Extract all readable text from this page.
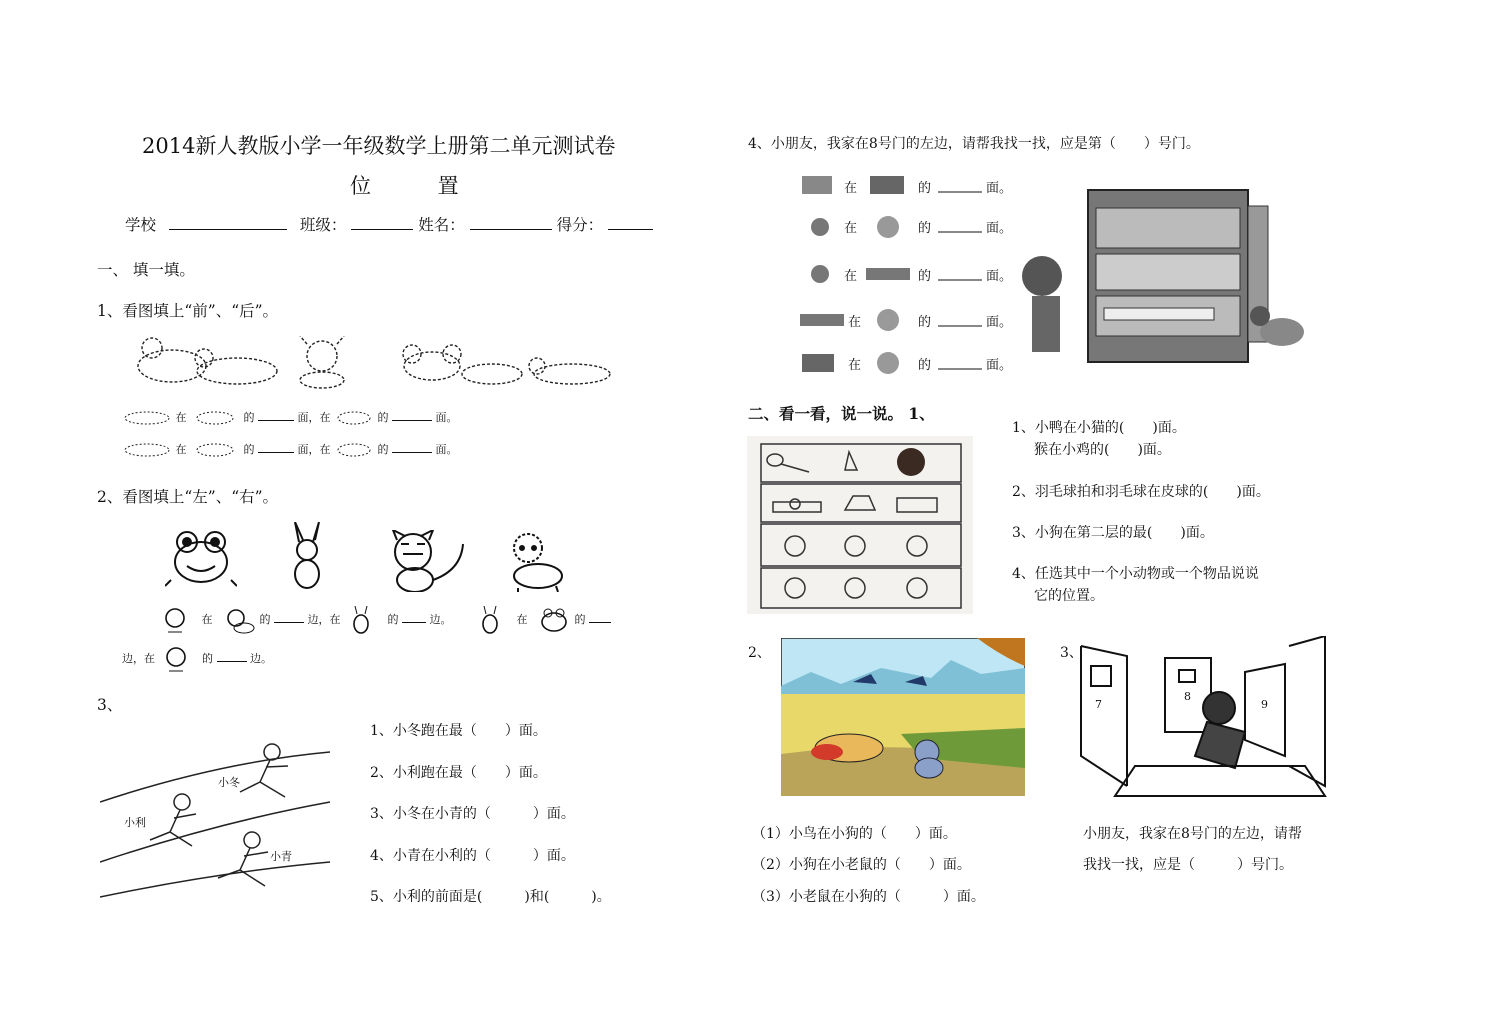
2014新人教版小学一年级数学上册第二单元测试卷
位 置
学校	班级：	姓名：	得分：
一、 填一填。
1、看图填上“前”、“后”。
在	的	面，在	的	面。
在	的	面，在	的	面。
2、看图填上“左”、“右”。
在	的	边，在	的	边。	在	的
边，在	的	边。
3、
小冬
小利
小青
1、小冬跑在最（　　）面。
2、小利跑在最（　　）面。
3、小冬在小青的（　　　）面。
4、小青在小利的（　　　）面。
5、小利的前面是(　　　)和(　　　)。
4、小朋友，我家在8号门的左边，请帮我找一找，应是第（　　）号门。
在	的	面。
在	的	面。
在	的	面。
在	的	面。
在	的	面。
二、看一看，说一说。 1、
1、小鸭在小猫的(　　)面。
猴在小鸡的(　　)面。
2、羽毛球拍和羽毛球在皮球的(　　)面。
3、小狗在第二层的最(　　)面。
4、任选其中一个小动物或一个物品说说
它的位置。
2、
（1）小鸟在小狗的（　　）面。
（2）小狗在小老鼠的（　　）面。
（3）小老鼠在小狗的（　　　）面。
3、
7
8
9
小朋友，我家在8号门的左边，请帮
我找一找，应是（　　　）号门。
